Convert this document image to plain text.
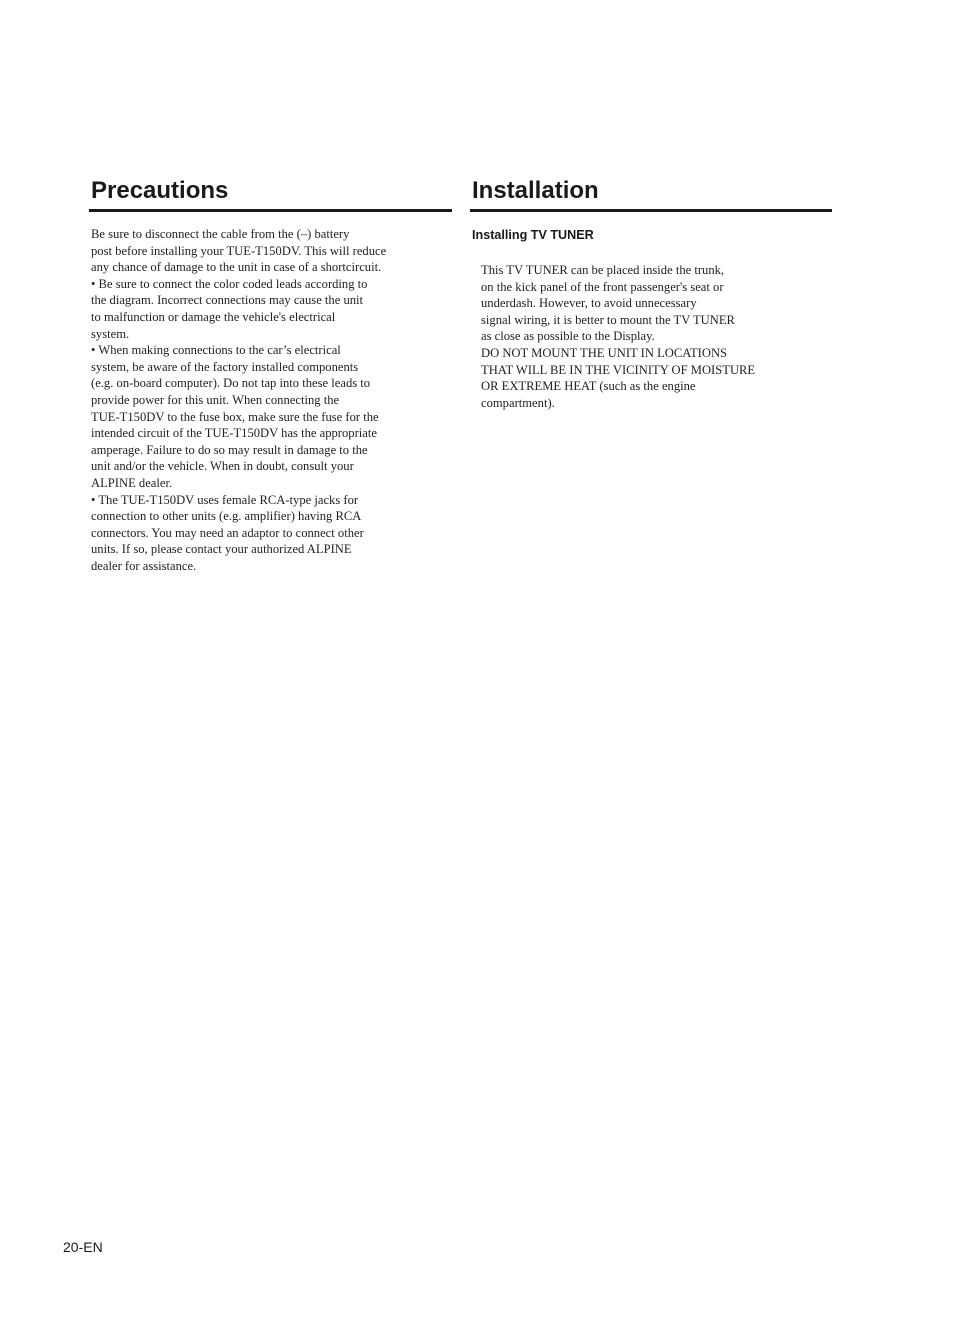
Precautions
Be sure to disconnect the cable from the (–) battery
post before installing your TUE-T150DV. This will reduce
any chance of damage to the unit in case of a shortcircuit.
• Be sure to connect the color coded leads according to
the diagram. Incorrect connections may cause the unit
to malfunction or damage the vehicle's electrical
system.
• When making connections to the car’s electrical
system, be aware of the factory installed components
(e.g. on-board computer). Do not tap into these leads to
provide power for this unit. When connecting the
TUE-T150DV to the fuse box, make sure the fuse for the
intended circuit of the TUE-T150DV has the appropriate
amperage. Failure to do so may result in damage to the
unit and/or the vehicle. When in doubt, consult your
ALPINE dealer.
• The TUE-T150DV uses female RCA-type jacks for
connection to other units (e.g. amplifier) having RCA
connectors. You may need an adaptor to connect other
units. If so, please contact your authorized ALPINE
dealer for assistance.
Installation
Installing TV TUNER
This TV TUNER can be placed inside the trunk,
on the kick panel of the front passenger's seat or
underdash. However, to avoid unnecessary
signal wiring, it is better to mount the TV TUNER
as close as possible to the Display.
DO NOT MOUNT THE UNIT IN LOCATIONS
THAT WILL BE IN THE VICINITY OF MOISTURE
OR EXTREME HEAT (such as the engine
compartment).
20-EN
